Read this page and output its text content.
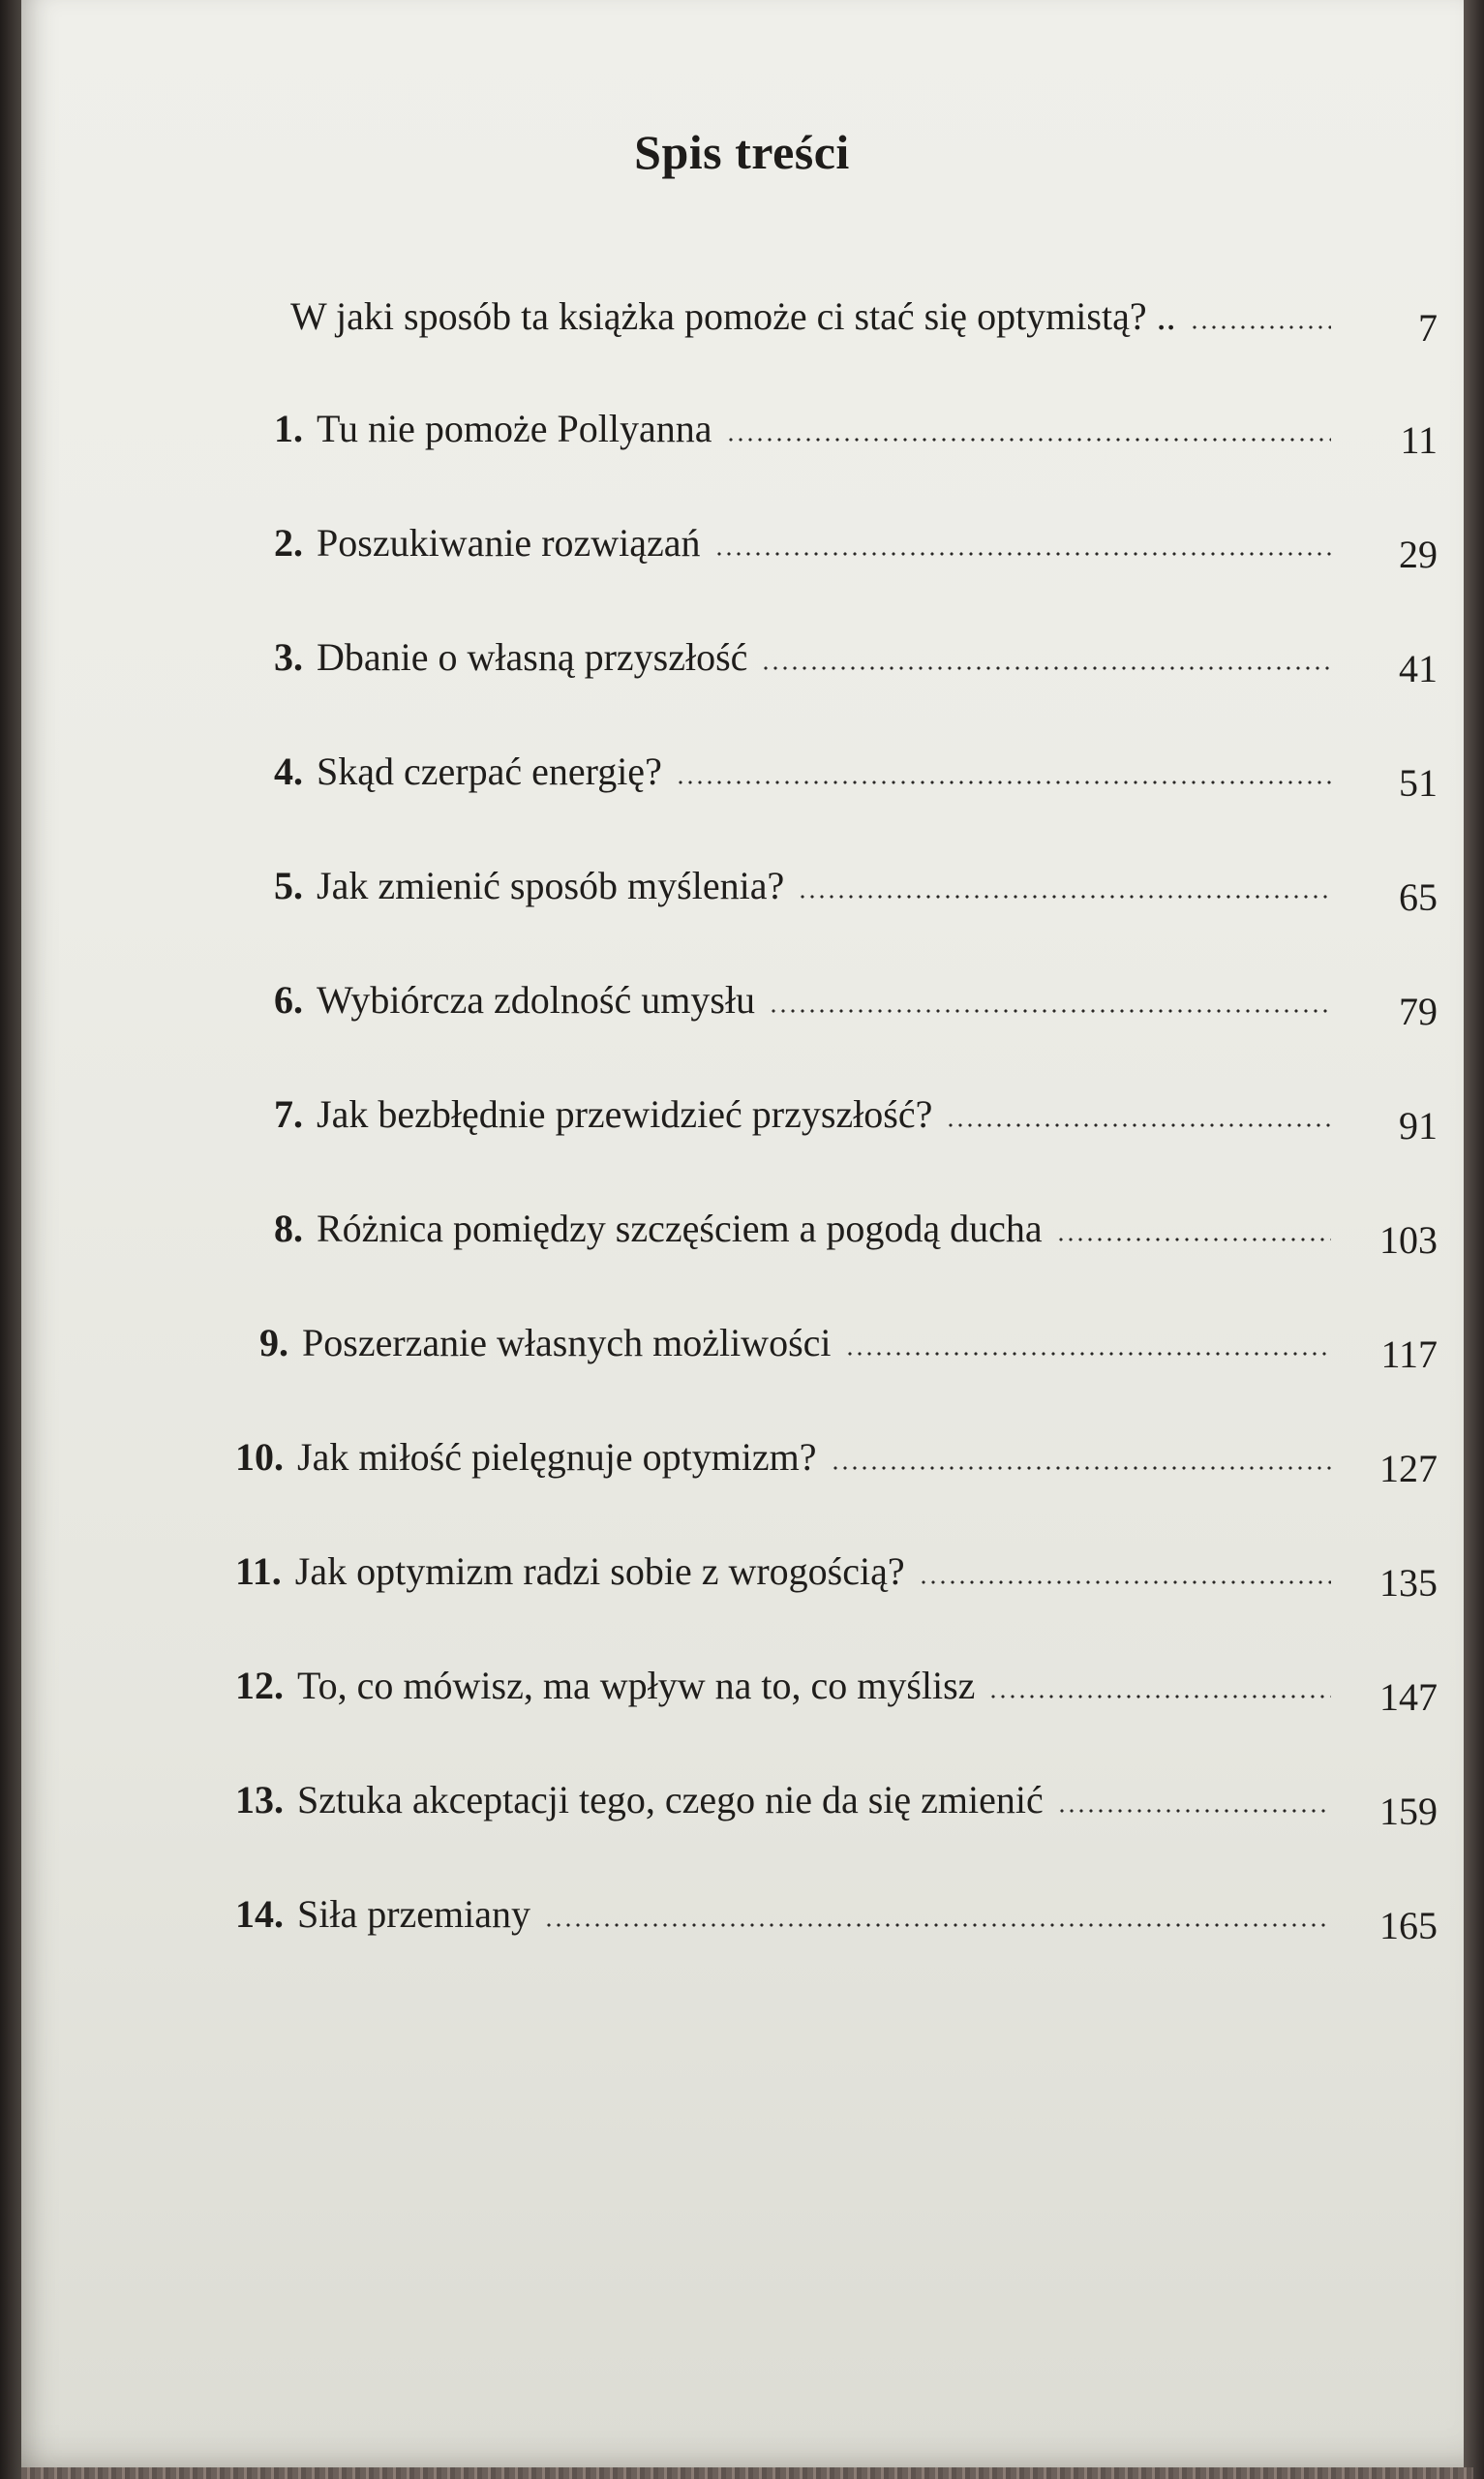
Spis treści
W jaki sposób ta książka pomoże ci stać się optymistą? ..	7
1. Tu nie pomoże Pollyanna	11
2. Poszukiwanie rozwiązań	29
3. Dbanie o własną przyszłość	41
4. Skąd czerpać energię?	51
5. Jak zmienić sposób myślenia?	65
6. Wybiórcza zdolność umysłu	79
7. Jak bezbłędnie przewidzieć przyszłość?	91
8. Różnica pomiędzy szczęściem a pogodą ducha	103
9. Poszerzanie własnych możliwości	117
10. Jak miłość pielęgnuje optymizm?	127
11. Jak optymizm radzi sobie z wrogością?	135
12. To, co mówisz, ma wpływ na to, co myślisz	147
13. Sztuka akceptacji tego, czego nie da się zmienić	159
14. Siła przemiany	165
